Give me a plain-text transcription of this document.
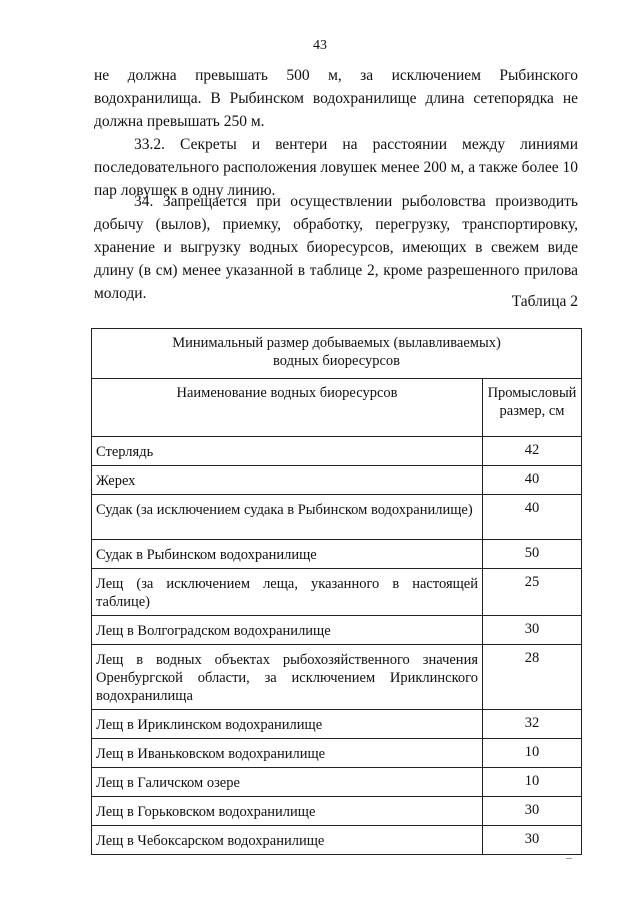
43

не должна превышать 500 м, за исключением Рыбинского водохранилища. В Рыбинском водохранилище длина сетепорядка не должна превышать 250 м.

33.2. Секреты и вентери на расстоянии между линиями последовательного расположения ловушек менее 200 м, а также более 10 пар ловушек в одну линию.

34. Запрещается при осуществлении рыболовства производить добычу (вылов), приемку, обработку, перегрузку, транспортировку, хранение и выгрузку водных биоресурсов, имеющих в свежем виде длину (в см) менее указанной в таблице 2, кроме разрешенного прилова молоди.	Таблица 2
Минимальный размер добываемых (вылавливаемых)
водных биоресурсов	
Наименование водных биоресурсов	Промысловый
размер, см
Стерлядь	42
Жерех	40
Судак (за исключением судака в Рыбинском водохранилище)	40
Судак в Рыбинском водохранилище	50
Лещ (за исключением леща, указанного в настоящей таблице)	25
Лещ в Волгоградском водохранилище	30
Лещ в водных объектах рыбохозяйственного значения Оренбургской области, за исключением Ириклинского водохранилища	28
Лещ в Ириклинском водохранилище	32
Лещ в Иваньковском водохранилище	10
Лещ в Галичском озере	10
Лещ в Горьковском водохранилище	30
Лещ в Чебоксарском водохранилище	30
